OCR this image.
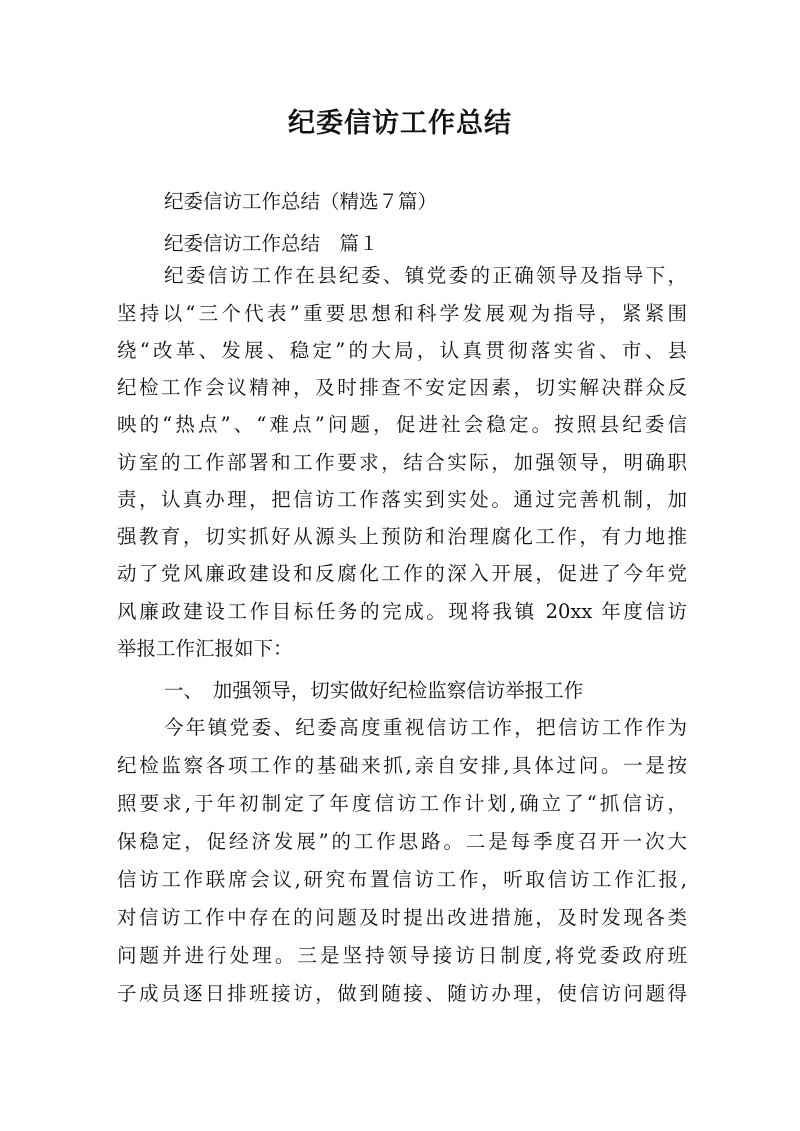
纪委信访工作总结
纪委信访工作总结（精选７篇）
纪委信访工作总结　篇１
纪委信访工作在县纪委、镇党委的正确领导及指导下，
坚持以“三个代表”重要思想和科学发展观为指导，紧紧围
绕“改革、发展、稳定”的大局，认真贯彻落实省、市、县
纪检工作会议精神，及时排查不安定因素，切实解决群众反
映的“热点”、“难点”问题，促进社会稳定。按照县纪委信
访室的工作部署和工作要求，结合实际，加强领导，明确职
责，认真办理，把信访工作落实到实处。通过完善机制，加
强教育，切实抓好从源头上预防和治理腐化工作，有力地推
动了党风廉政建设和反腐化工作的深入开展，促进了今年党
风廉政建设工作目标任务的完成。现将我镇 20xx 年度信访
举报工作汇报如下：
一、　加强领导，切实做好纪检监察信访举报工作
今年镇党委、纪委高度重视信访工作，把信访工作作为
纪检监察各项工作的基础来抓,亲自安排,具体过问。一是按
照要求,于年初制定了年度信访工作计划,确立了“抓信访，
保稳定，促经济发展”的工作思路。二是每季度召开一次大
信访工作联席会议,研究布置信访工作，听取信访工作汇报,
对信访工作中存在的问题及时提出改进措施，及时发现各类
问题并进行处理。三是坚持领导接访日制度,将党委政府班
子成员逐日排班接访，做到随接、随访办理，使信访问题得
